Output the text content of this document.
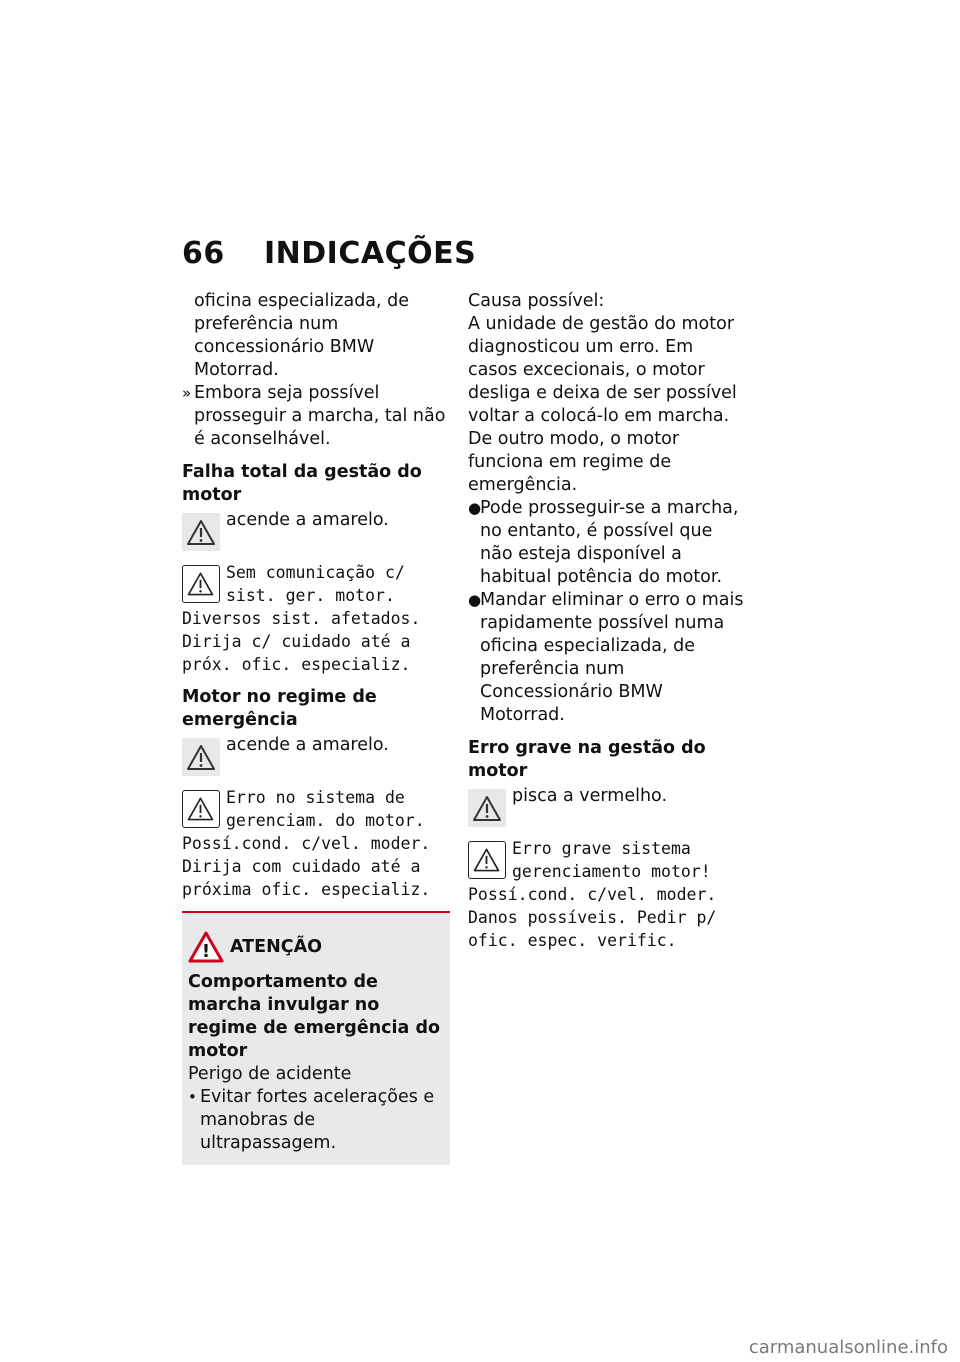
66 INDICAÇÕES

oficina especializada, de preferência num concessionário BMW Motorrad.

» Embora seja possível prosseguir a marcha, tal não é aconselhável.

Falha total da gestão do motor

acende a amarelo.
Sem comunicação c/ sist. ger. motor.
Diversos sist. afetados. Dirija c/ cuidado até a próx. ofic. especializ.

Motor no regime de emergência

acende a amarelo.
Erro no sistema de gerenciam. do motor.
Possí.cond. c/vel. moder. Dirija com cuidado até a próxima ofic. especializ.
! ATENÇÃO

Comportamento de marcha invulgar no regime de emergência do motor

Perigo de acidente

• Evitar fortes acelerações e manobras de ultrapassagem.

Causa possível:

A unidade de gestão do motor diagnosticou um erro. Em casos excecionais, o motor desliga e deixa de ser possível voltar a colocá-lo em marcha. De outro modo, o motor funciona em regime de emergência.

●
Pode prosseguir-se a marcha, no entanto, é possível que não esteja disponível a habitual potência do motor.
●
Mandar eliminar o erro o mais rapidamente possível numa oficina especializada, de preferência num Concessionário BMW Motorrad.

Erro grave na gestão do motor

pisca a vermelho.
Erro grave sistema gerenciamento motor!
Possí.cond. c/vel. moder. Danos possíveis. Pedir p/ ofic. espec. verific.
carmanualsonline.info
